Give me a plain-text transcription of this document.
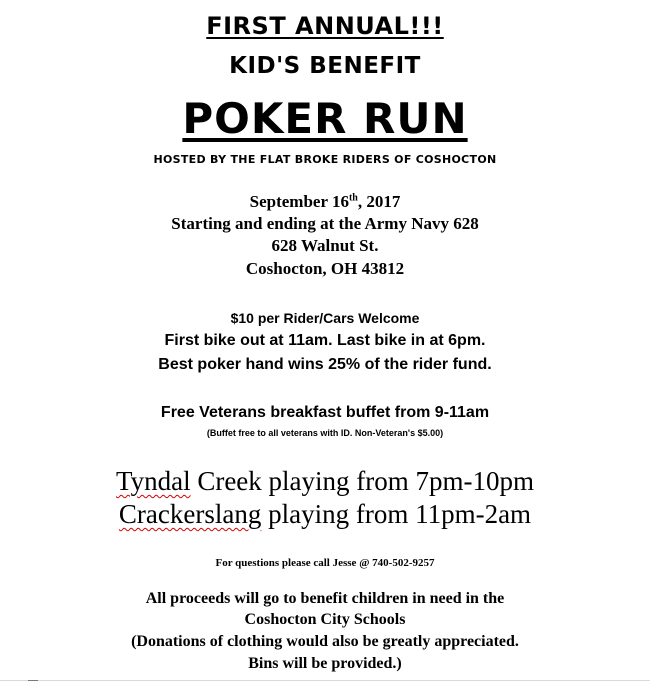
FIRST ANNUAL!!!
KID'S BENEFIT
POKER RUN
HOSTED BY THE FLAT BROKE RIDERS OF COSHOCTON
September 16th, 2017
Starting and ending at the Army Navy 628
628 Walnut St.
Coshocton, OH 43812
$10 per Rider/Cars Welcome
First bike out at 11am. Last bike in at 6pm.
Best poker hand wins 25% of the rider fund.
Free Veterans breakfast buffet from 9-11am
(Buffet free to all veterans with ID. Non-Veteran's $5.00)
Tyndal Creek playing from 7pm-10pm
Crackerslang playing from 11pm-2am
For questions please call Jesse @ 740-502-9257
All proceeds will go to benefit children in need in the
Coshocton City Schools
(Donations of clothing would also be greatly appreciated.
Bins will be provided.)
